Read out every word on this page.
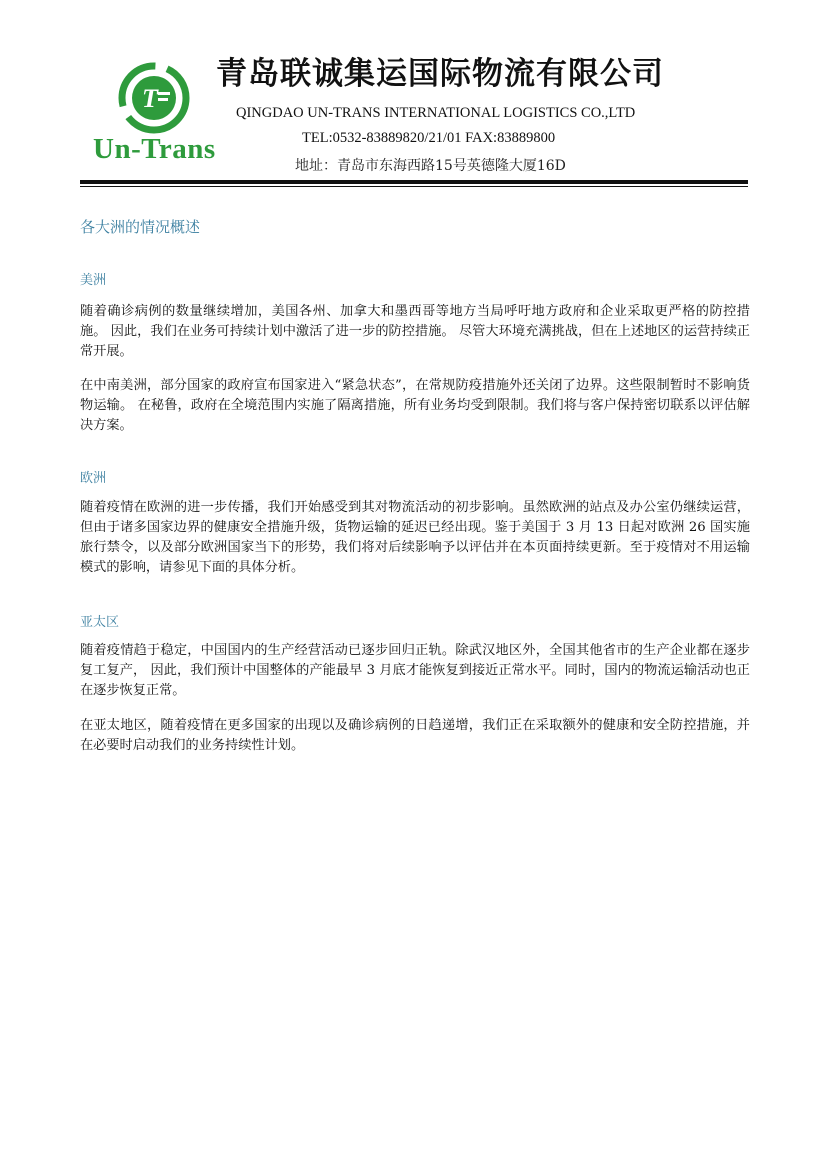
T
Un-Trans
青岛联诚集运国际物流有限公司
QINGDAO UN-TRANS INTERNATIONAL LOGISTICS CO.,LTD
TEL:0532-83889820/21/01 FAX:83889800
地址：青岛市东海西路15号英德隆大厦16D
各大洲的情况概述
美洲
随着确诊病例的数量继续增加，美国各州、加拿大和墨西哥等地方当局呼吁地方政府和企业采取更严格的防控措施。 因此，我们在业务可持续计划中激活了进一步的防控措施。 尽管大环境充满挑战，但在上述地区的运营持续正常开展。
在中南美洲，部分国家的政府宣布国家进入“紧急状态”，在常规防疫措施外还关闭了边界。这些限制暂时不影响货物运输。 在秘鲁，政府在全境范围内实施了隔离措施，所有业务均受到限制。我们将与客户保持密切联系以评估解决方案。
欧洲
随着疫情在欧洲的进一步传播，我们开始感受到其对物流活动的初步影响。虽然欧洲的站点及办公室仍继续运营，但由于诸多国家边界的健康安全措施升级，货物运输的延迟已经出现。鉴于美国于 3 月 13 日起对欧洲 26 国实施旅行禁令，以及部分欧洲国家当下的形势，我们将对后续影响予以评估并在本页面持续更新。至于疫情对不用运输模式的影响，请参见下面的具体分析。
亚太区
随着疫情趋于稳定，中国国内的生产经营活动已逐步回归正轨。除武汉地区外，全国其他省市的生产企业都在逐步复工复产， 因此，我们预计中国整体的产能最早 3 月底才能恢复到接近正常水平。同时，国内的物流运输活动也正在逐步恢复正常。
在亚太地区，随着疫情在更多国家的出现以及确诊病例的日趋递增，我们正在采取额外的健康和安全防控措施，并在必要时启动我们的业务持续性计划。
